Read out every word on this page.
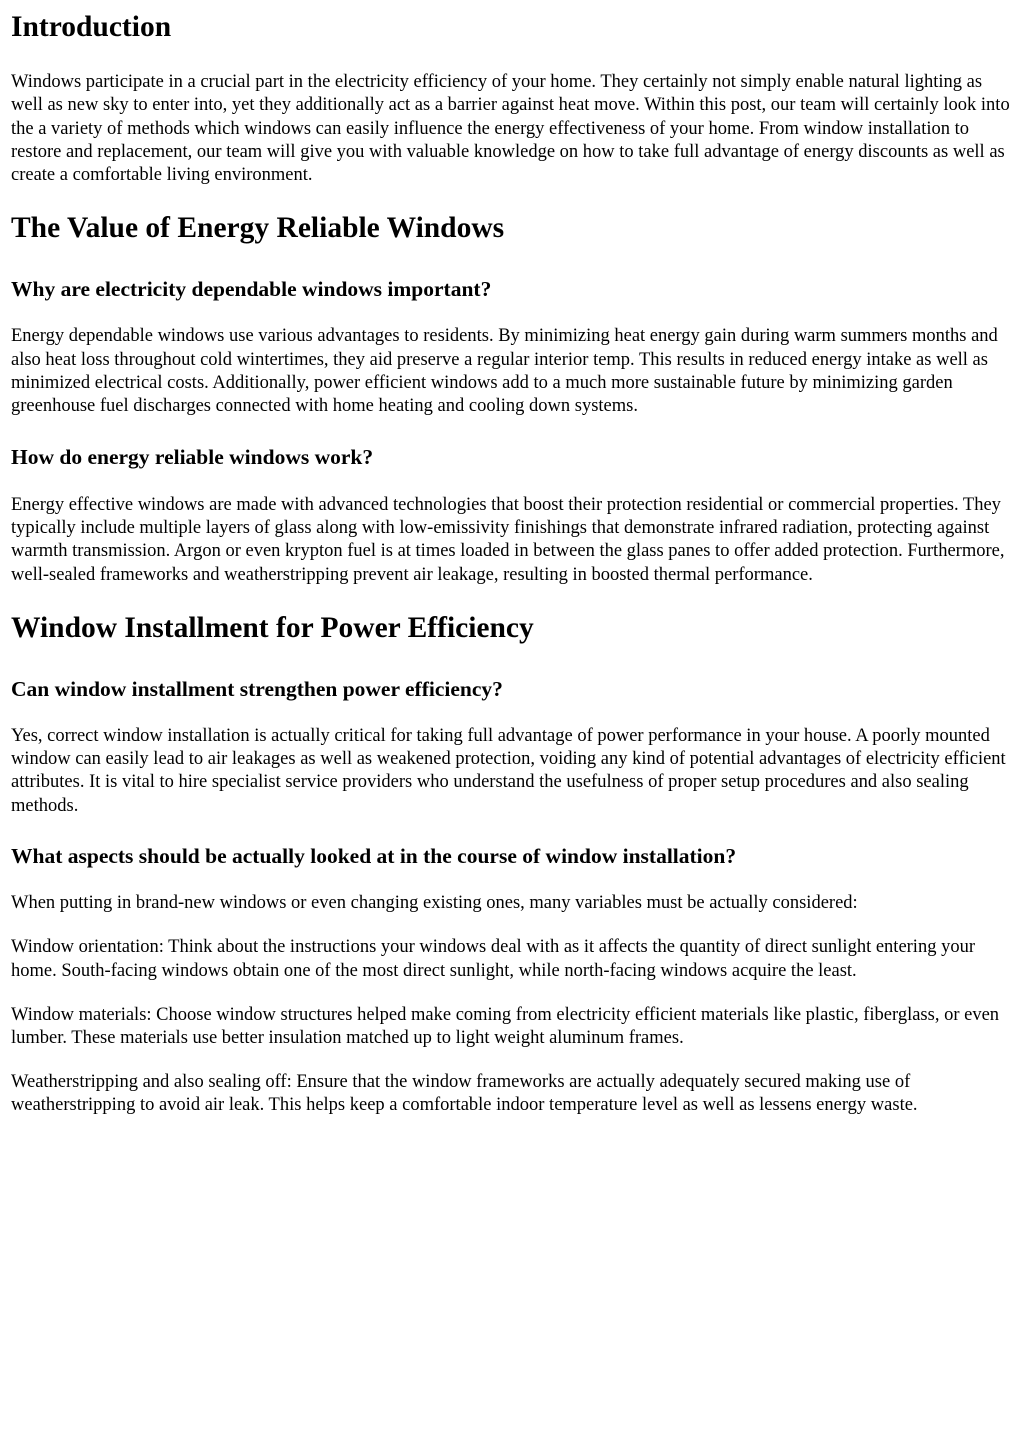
Introduction

Windows participate in a crucial part in the electricity efficiency of your home. They certainly not simply enable natural lighting as well as new sky to enter into, yet they additionally act as a barrier against heat move. Within this post, our team will certainly look into the a variety of methods which windows can easily influence the energy effectiveness of your home. From window installation to restore and replacement, our team will give you with valuable knowledge on how to take full advantage of energy discounts as well as create a comfortable living environment.

The Value of Energy Reliable Windows
Why are electricity dependable windows important?

Energy dependable windows use various advantages to residents. By minimizing heat energy gain during warm summers months and also heat loss throughout cold wintertimes, they aid preserve a regular interior temp. This results in reduced energy intake as well as minimized electrical costs. Additionally, power efficient windows add to a much more sustainable future by minimizing garden greenhouse fuel discharges connected with home heating and cooling down systems.

How do energy reliable windows work?

Energy effective windows are made with advanced technologies that boost their protection residential or commercial properties. They typically include multiple layers of glass along with low-emissivity finishings that demonstrate infrared radiation, protecting against warmth transmission. Argon or even krypton fuel is at times loaded in between the glass panes to offer added protection. Furthermore, well-sealed frameworks and weatherstripping prevent air leakage, resulting in boosted thermal performance.

Window Installment for Power Efficiency
Can window installment strengthen power efficiency?

Yes, correct window installation is actually critical for taking full advantage of power performance in your house. A poorly mounted window can easily lead to air leakages as well as weakened protection, voiding any kind of potential advantages of electricity efficient attributes. It is vital to hire specialist service providers who understand the usefulness of proper setup procedures and also sealing methods.

What aspects should be actually looked at in the course of window installation?

When putting in brand-new windows or even changing existing ones, many variables must be actually considered:

Window orientation: Think about the instructions your windows deal with as it affects the quantity of direct sunlight entering your home. South-facing windows obtain one of the most direct sunlight, while north-facing windows acquire the least.

Window materials: Choose window structures helped make coming from electricity efficient materials like plastic, fiberglass, or even lumber. These materials use better insulation matched up to light weight aluminum frames.

Weatherstripping and also sealing off: Ensure that the window frameworks are actually adequately secured making use of weatherstripping to avoid air leak. This helps keep a comfortable indoor temperature level as well as lessens energy waste.
